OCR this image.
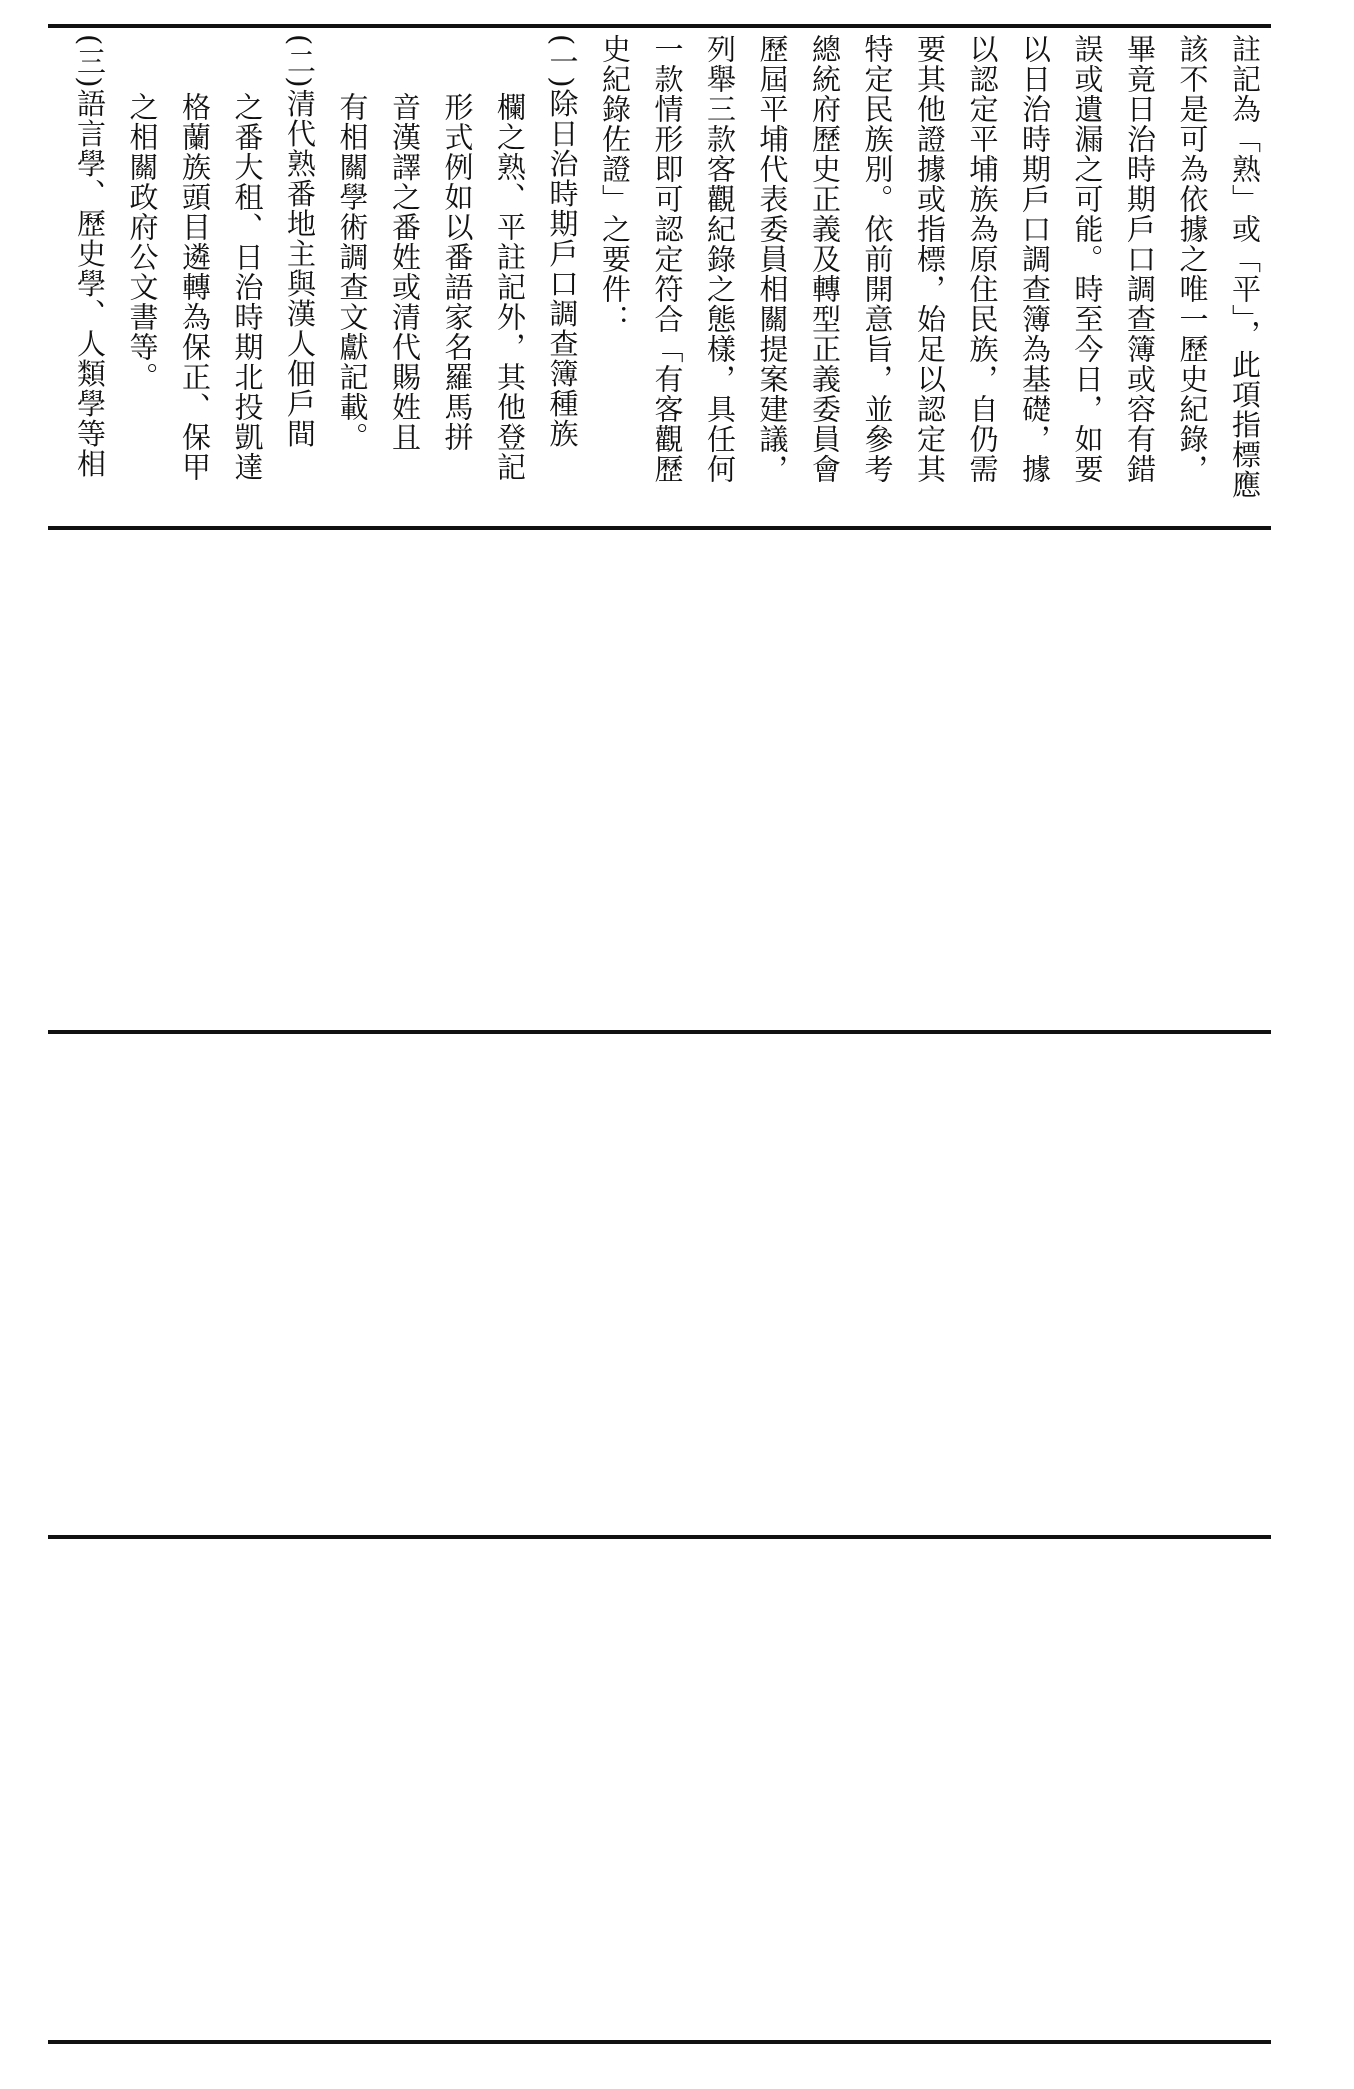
註記為「熟」或「平」，此項指標應
該不是可為依據之唯一歷史紀錄，
畢竟日治時期戶口調查簿或容有錯
誤或遺漏之可能。時至今日，如要
以日治時期戶口調查簿為基礎，據
以認定平埔族為原住民族，自仍需
要其他證據或指標，始足以認定其
特定民族別。依前開意旨，並參考
總統府歷史正義及轉型正義委員會
歷屆平埔代表委員相關提案建議，
列舉三款客觀紀錄之態樣，具任何
一款情形即可認定符合「有客觀歷
史紀錄佐證」之要件：
(一)除日治時期戶口調查簿種族
欄之熟、平註記外，其他登記
形式例如以番語家名羅馬拼
音漢譯之番姓或清代賜姓且
有相關學術調查文獻記載。
(二)清代熟番地主與漢人佃戶間
之番大租、日治時期北投凱達
格蘭族頭目遴轉為保正、保甲
之相關政府公文書等。
(三)語言學、歷史學、人類學等相
